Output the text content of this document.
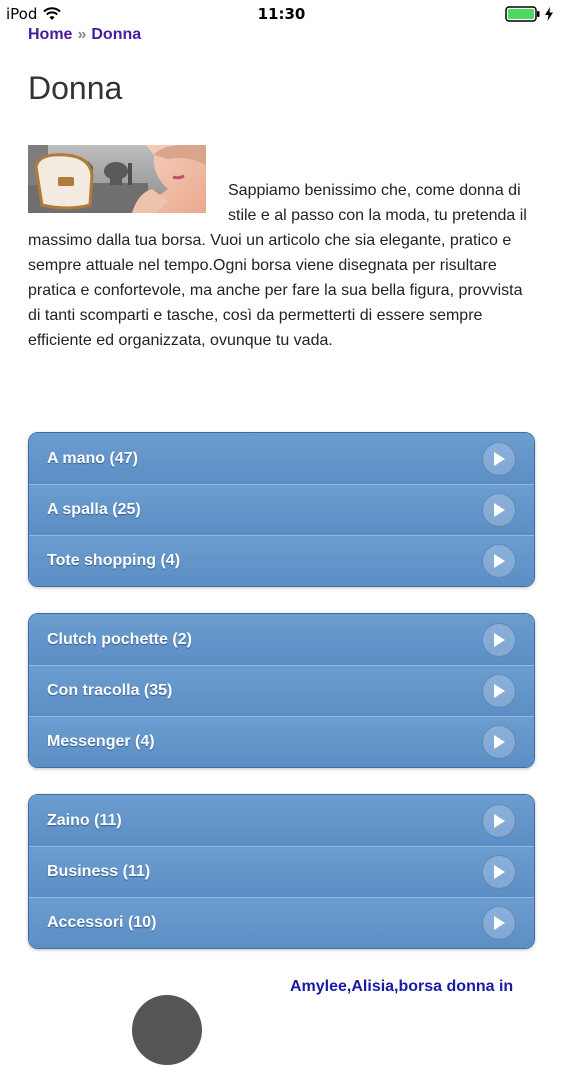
iPod	11:30
Home » Donna
Donna

Sappiamo benissimo che, come donna di stile e al passo con la moda, tu pretenda il massimo dalla tua borsa. Vuoi un articolo che sia elegante, pratico e sempre attuale nel tempo.Ogni borsa viene disegnata per risultare pratica e confortevole, ma anche per fare la sua bella figura, provvista di tanti scomparti e tasche, così da permetterti di essere sempre efficiente ed organizzata, ovunque tu vada.

A mano (47)
A spalla (25)
Tote shopping (4)
Clutch pochette (2)
Con tracolla (35)
Messenger (4)
Zaino (11)
Business (11)
Accessori (10)
Amylee,Alisia,borsa donna in
